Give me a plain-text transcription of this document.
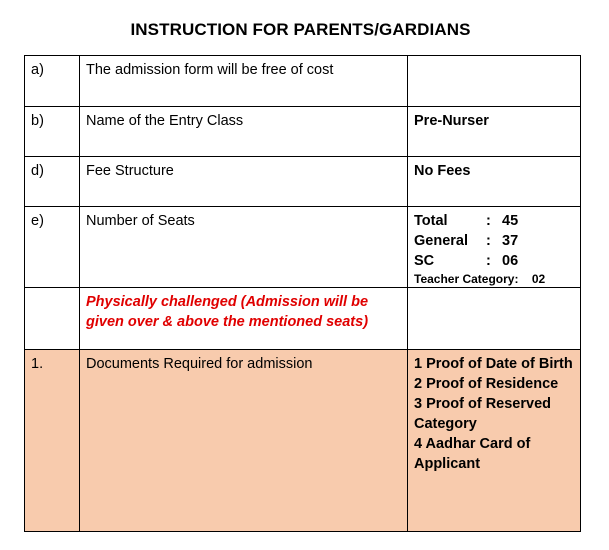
INSTRUCTION FOR PARENTS/GARDIANS
a)	The admission form will be free of cost	
b)	Name of the Entry Class	Pre-Nurser
d)	Fee Structure	No Fees
e)	Number of Seats	Total : 45
General : 37
SC : 06
Teacher Category: 02

	Physically challenged (Admission will be given over & above the mentioned seats)	
1.	Documents Required for admission	1 Proof of Date of Birth
2 Proof of Residence
3 Proof of Reserved Category
4 Aadhar Card of Applicant
